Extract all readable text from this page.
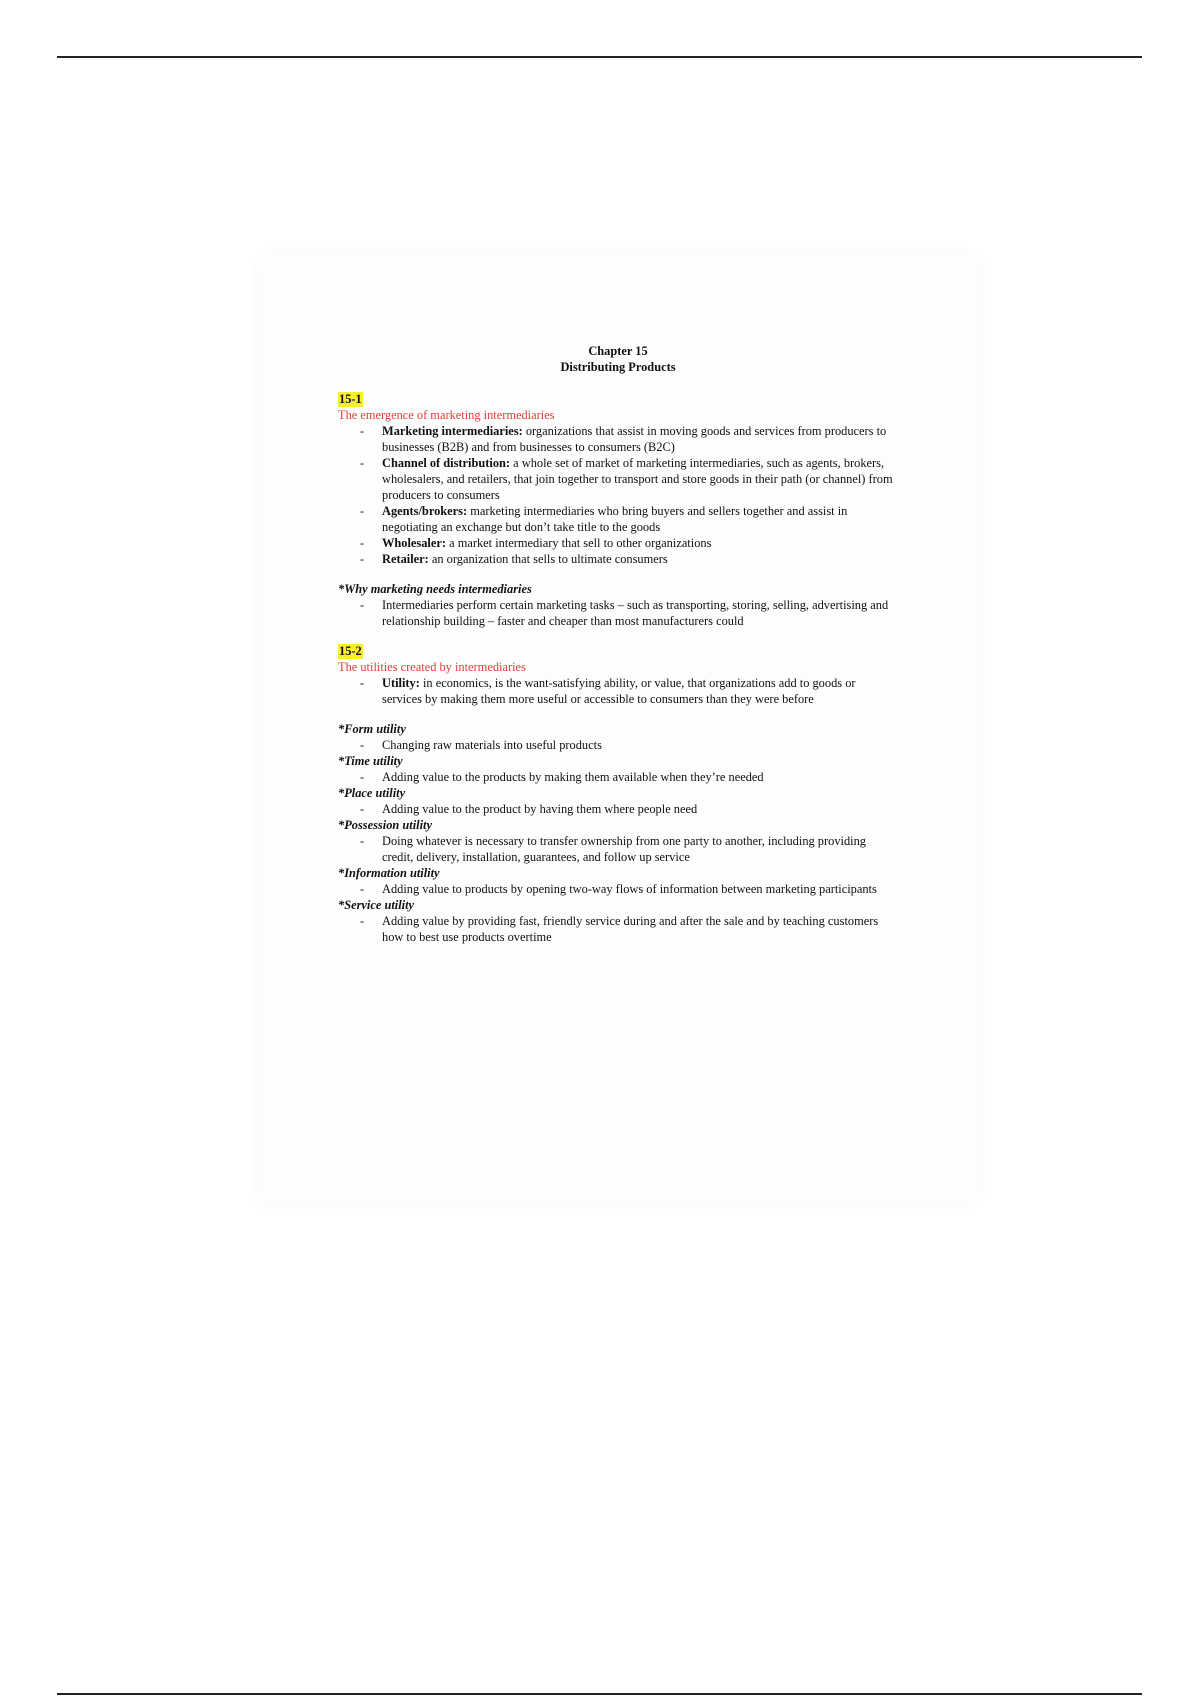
Chapter 15
Distributing Products
15-1
The emergence of marketing intermediaries
- Marketing intermediaries: organizations that assist in moving goods and services from producers to businesses (B2B) and from businesses to consumers (B2C)
- Channel of distribution: a whole set of market of marketing intermediaries, such as agents, brokers, wholesalers, and retailers, that join together to transport and store goods in their path (or channel) from producers to consumers
- Agents/brokers: marketing intermediaries who bring buyers and sellers together and assist in negotiating an exchange but don’t take title to the goods
- Wholesaler: a market intermediary that sell to other organizations
- Retailer: an organization that sells to ultimate consumers
*Why marketing needs intermediaries
- Intermediaries perform certain marketing tasks – such as transporting, storing, selling, advertising and relationship building – faster and cheaper than most manufacturers could
15-2
The utilities created by intermediaries
- Utility: in economics, is the want-satisfying ability, or value, that organizations add to goods or services by making them more useful or accessible to consumers than they were before
*Form utility
- Changing raw materials into useful products
*Time utility
- Adding value to the products by making them available when they’re needed
*Place utility
- Adding value to the product by having them where people need
*Possession utility
- Doing whatever is necessary to transfer ownership from one party to another, including providing credit, delivery, installation, guarantees, and follow up service
*Information utility
- Adding value to products by opening two-way flows of information between marketing participants
*Service utility
- Adding value by providing fast, friendly service during and after the sale and by teaching customers how to best use products overtime
